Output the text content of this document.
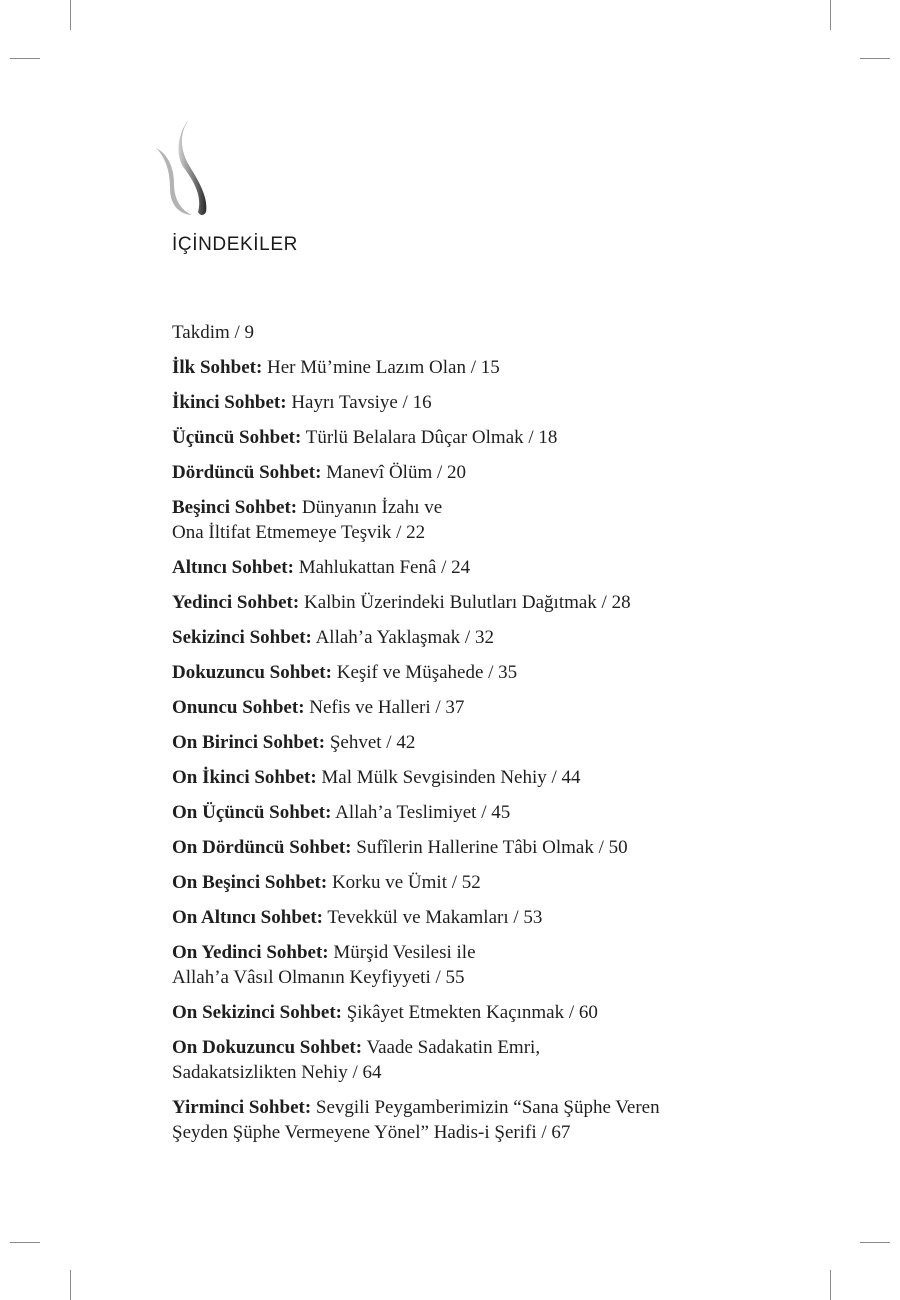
İÇİNDEKİLER
Takdim / 9
İlk Sohbet: Her Mü’mine Lazım Olan / 15
İkinci Sohbet: Hayrı Tavsiye / 16
Üçüncü Sohbet: Türlü Belalara Dûçar Olmak / 18
Dördüncü Sohbet: Manevî Ölüm / 20
Beşinci Sohbet: Dünyanın İzahı ve
Ona İltifat Etmemeye Teşvik / 22
Altıncı Sohbet: Mahlukattan Fenâ / 24
Yedinci Sohbet: Kalbin Üzerindeki Bulutları Dağıtmak / 28
Sekizinci Sohbet: Allah’a Yaklaşmak / 32
Dokuzuncu Sohbet: Keşif ve Müşahede / 35
Onuncu Sohbet: Nefis ve Halleri / 37
On Birinci Sohbet: Şehvet / 42
On İkinci Sohbet: Mal Mülk Sevgisinden Nehiy / 44
On Üçüncü Sohbet: Allah’a Teslimiyet / 45
On Dördüncü Sohbet: Sufîlerin Hallerine Tâbi Olmak / 50
On Beşinci Sohbet: Korku ve Ümit / 52
On Altıncı Sohbet: Tevekkül ve Makamları / 53
On Yedinci Sohbet: Mürşid Vesilesi ile
Allah’a Vâsıl Olmanın Keyfiyyeti / 55
On Sekizinci Sohbet: Şikâyet Etmekten Kaçınmak / 60
On Dokuzuncu Sohbet: Vaade Sadakatin Emri,
Sadakatsizlikten Nehiy / 64
Yirminci Sohbet: Sevgili Peygamberimizin “Sana Şüphe Veren
Şeyden Şüphe Vermeyene Yönel” Hadis-i Şerifi / 67
